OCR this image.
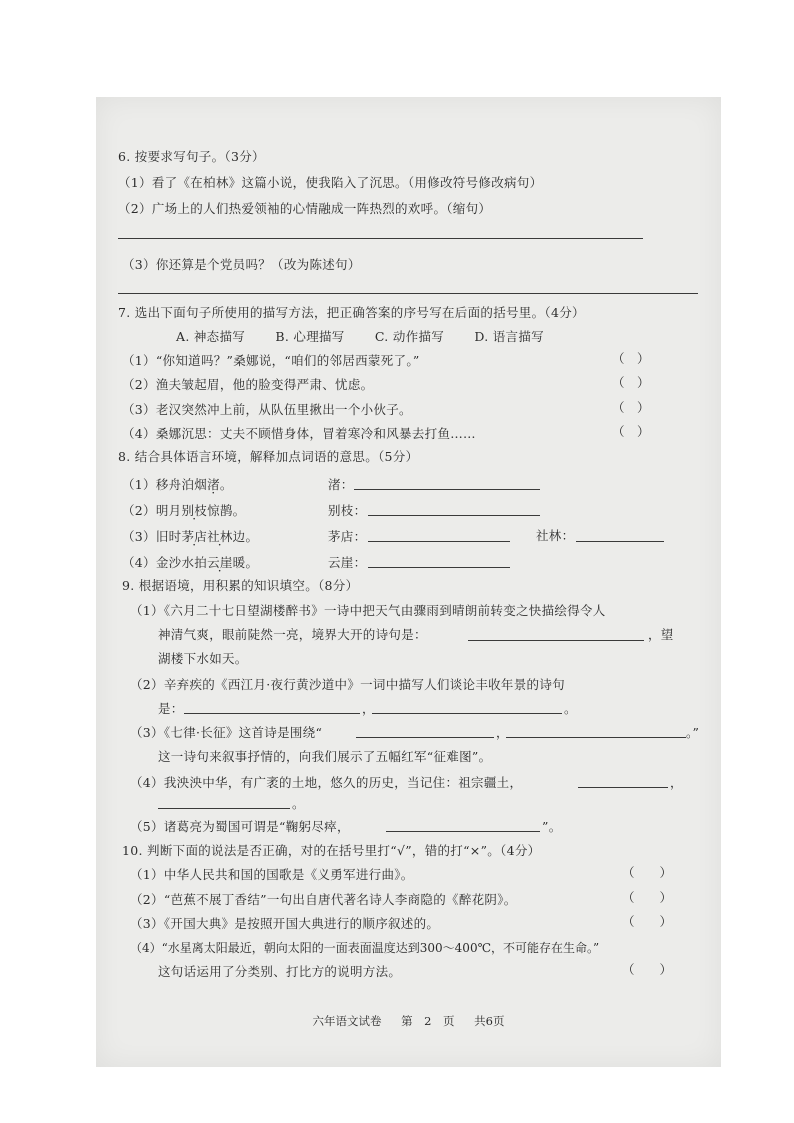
6. 按要求写句子。（3分）
（1）看了《在柏林》这篇小说，使我陷入了沉思。（用修改符号修改病句）
（2）广场上的人们热爱领袖的心情融成一阵热烈的欢呼。（缩句）
（3）你还算是个党员吗？（改为陈述句）
7. 选出下面句子所使用的描写方法，把正确答案的序号写在后面的括号里。（4分）
A. 神态描写 B. 心理描写 C. 动作描写 D. 语言描写
（1）“你知道吗？”桑娜说，“咱们的邻居西蒙死了。”	（　）
（2）渔夫皱起眉，他的脸变得严肃、忧虑。	（　）
（3）老汉突然冲上前，从队伍里揪出一个小伙子。	（　）
（4）桑娜沉思：丈夫不顾惜身体，冒着寒冷和风暴去打鱼……	（　）
8. 结合具体语言环境，解释加点词语的意思。（5分）
（1）移舟泊烟渚。	渚：
（2）明月别枝惊鹊。	别枝：
（3）旧时茅店社林边。	茅店：	社林：
（4）金沙水拍云崖暖。	云崖：
9. 根据语境，用积累的知识填空。（8分）
（1）《六月二十七日望湖楼醉书》一诗中把天气由骤雨到晴朗前转变之快描绘得令人
神清气爽，眼前陡然一亮，境界大开的诗句是：	，望
湖楼下水如天。
（2）辛弃疾的《西江月·夜行黄沙道中》一词中描写人们谈论丰收年景的诗句
是：	，	。
（3）《七律·长征》这首诗是围绕“	，	。”
这一诗句来叙事抒情的，向我们展示了五幅红军“征难图”。
（4）我泱泱中华，有广袤的土地，悠久的历史，当记住：祖宗疆土，	，
。
（5）诸葛亮为蜀国可谓是“鞠躬尽瘁，	”。
10. 判断下面的说法是否正确，对的在括号里打“√”，错的打“×”。（4分）
（1）中华人民共和国的国歌是《义勇军进行曲》。	（　　）
（2）“芭蕉不展丁香结”一句出自唐代著名诗人李商隐的《醉花阴》。	（　　）
（3）《开国大典》是按照开国大典进行的顺序叙述的。	（　　）
（4）“水星离太阳最近，朝向太阳的一面表面温度达到300～400℃，不可能存在生命。”
这句话运用了分类别、打比方的说明方法。	（　　）
六年语文试卷 第　2　页 共6页
